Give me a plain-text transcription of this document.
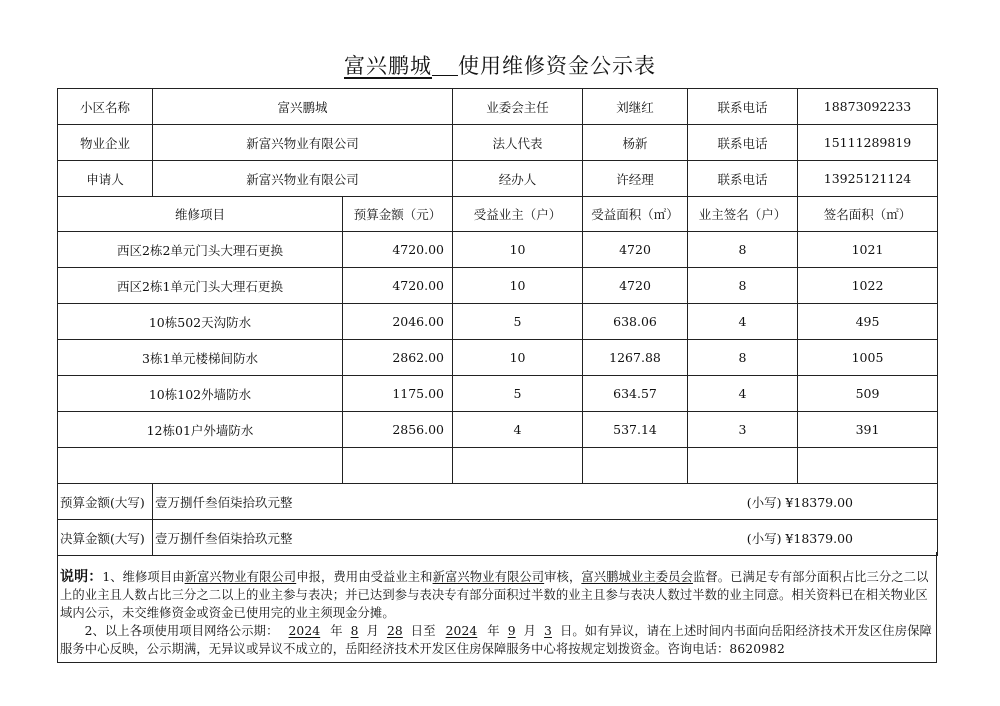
富兴鹏城 使用维修资金公示表
小区名称	富兴鹏城		业委会主任	刘继红	联系电话	18873092233
物业企业	新富兴物业有限公司		法人代表	杨新	联系电话	15111289819
申请人	新富兴物业有限公司		经办人	许经理	联系电话	13925121124
维修项目		预算金额（元）	受益业主（户）	受益面积（㎡）	业主签名（户）	签名面积（㎡）
西区2栋2单元门头大理石更换		4720.00	10	4720	8	1021
西区2栋1单元门头大理石更换		4720.00	10	4720	8	1022
10栋502天沟防水		2046.00	5	638.06	4	495
3栋1单元楼梯间防水		2862.00	10	1267.88	8	1005
10栋102外墙防水		1175.00	5	634.57	4	509
12栋01户外墙防水		2856.00	4	537.14	3	391

预算金额(大写)	壹万捌仟叁佰柒拾玖元整 (小写) ¥18379.00					

决算金额(大写)	壹万捌仟叁佰柒拾玖元整 (小写) ¥18379.00					
说明：1、维修项目由新富兴物业有限公司申报，费用由受益业主和新富兴物业有限公司审核，富兴鹏城业主委员会监督。已满足专有部分面积占比三分之二以上的业主且人数占比三分之二以上的业主参与表决；并已达到参与表决专有部分面积过半数的业主且参与表决人数过半数的业主同意。相关资料已在相关物业区域内公示，未交维修资金或资金已使用完的业主须现金分摊。
2、以上各项使用项目网络公示期： 2024 年 8 月 28 日至 2024 年 9 月 3 日。如有异议，请在上述时间内书面向岳阳经济技术开发区住房保障服务中心反映，公示期满，无异议或异议不成立的，岳阳经济技术开发区住房保障服务中心将按规定划拨资金。咨询电话：8620982
